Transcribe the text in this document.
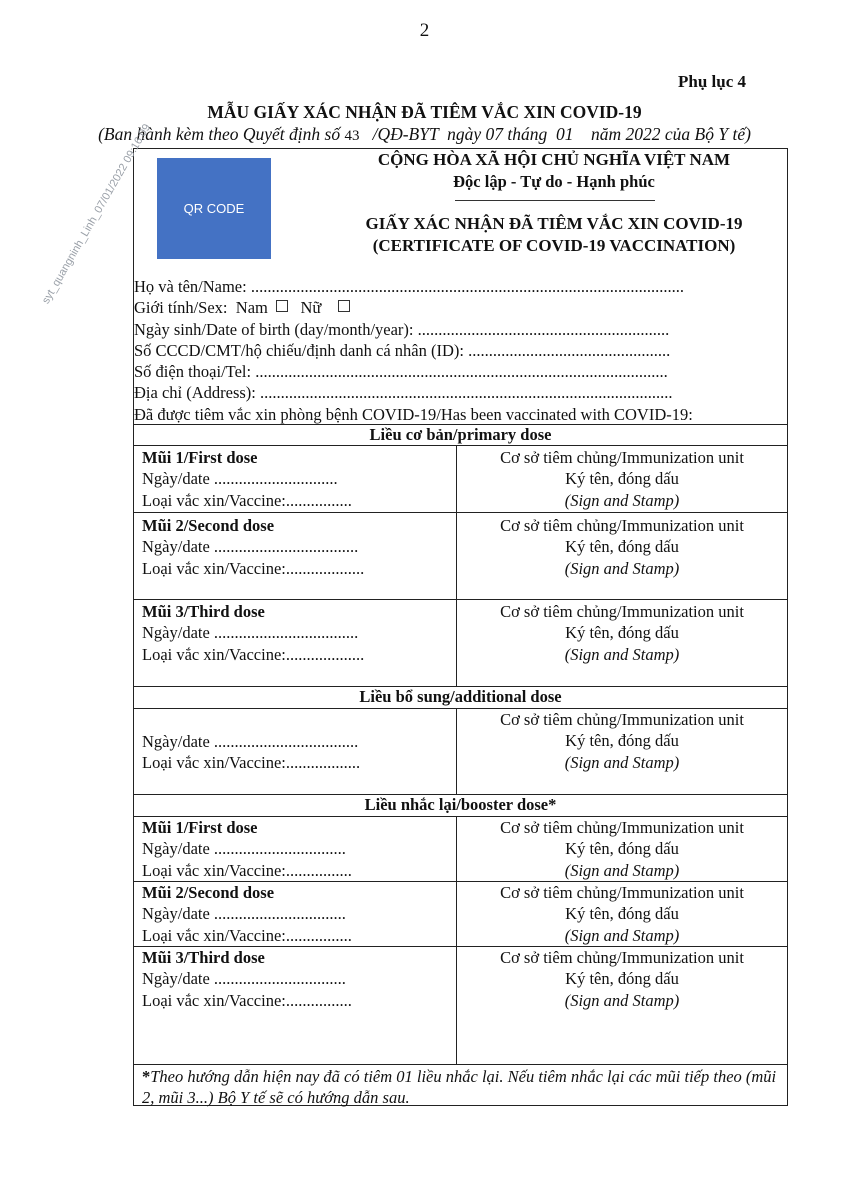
2
Phụ lục 4
MẪU GIẤY XÁC NHẬN ĐÃ TIÊM VẮC XIN COVID-19
(Ban hành kèm theo Quyết định số 43   /QĐ-BYT  ngày 07 tháng  01    năm 2022 của Bộ Y tế)
QR CODE
CỘNG HÒA XÃ HỘI CHỦ NGHĨA VIỆT NAM
Độc lập - Tự do - Hạnh phúc
GIẤY XÁC NHẬN ĐÃ TIÊM VẮC XIN COVID-19
(CERTIFICATE OF COVID-19 VACCINATION)
Họ và tên/Name: .........................................................................................................
Giới tính/Sex:  Nam Nữ
Ngày sinh/Date of birth (day/month/year): .............................................................
Số CCCD/CMT/hộ chiếu/định danh cá nhân (ID): .................................................
Số điện thoại/Tel: ....................................................................................................
Địa chỉ (Address): ....................................................................................................
Đã được tiêm vắc xin phòng bệnh COVID-19/Has been vaccinated with COVID-19:
Liều cơ bản/primary dose
Liều bổ sung/additional dose
Liều nhắc lại/booster dose*
Mũi 1/First dose
Ngày/date ..............................
Loại vắc xin/Vaccine:................
Cơ sở tiêm chủng/Immunization unit
Ký tên, đóng dấu
(Sign and Stamp)
Mũi 2/Second dose
Ngày/date ...................................
Loại vắc xin/Vaccine:...................
Cơ sở tiêm chủng/Immunization unit
Ký tên, đóng dấu
(Sign and Stamp)
Mũi 3/Third dose
Ngày/date ...................................
Loại vắc xin/Vaccine:...................
Cơ sở tiêm chủng/Immunization unit
Ký tên, đóng dấu
(Sign and Stamp)
Ngày/date ...................................
Loại vắc xin/Vaccine:..................
Cơ sở tiêm chủng/Immunization unit
Ký tên, đóng dấu
(Sign and Stamp)
Mũi 1/First dose
Ngày/date ................................
Loại vắc xin/Vaccine:................
Cơ sở tiêm chủng/Immunization unit
Ký tên, đóng dấu
(Sign and Stamp)
Mũi 2/Second dose
Ngày/date ................................
Loại vắc xin/Vaccine:................
Cơ sở tiêm chủng/Immunization unit
Ký tên, đóng dấu
(Sign and Stamp)
Mũi 3/Third dose
Ngày/date ................................
Loại vắc xin/Vaccine:................
Cơ sở tiêm chủng/Immunization unit
Ký tên, đóng dấu
(Sign and Stamp)
*Theo hướng dẫn hiện nay đã có tiêm 01 liều nhắc lại. Nếu tiêm nhắc lại các mũi tiếp theo (mũi 2, mũi 3...) Bộ Y tế sẽ có hướng dẫn sau.
syt_quangninh_Linh_07/01/2022 09:16:09
